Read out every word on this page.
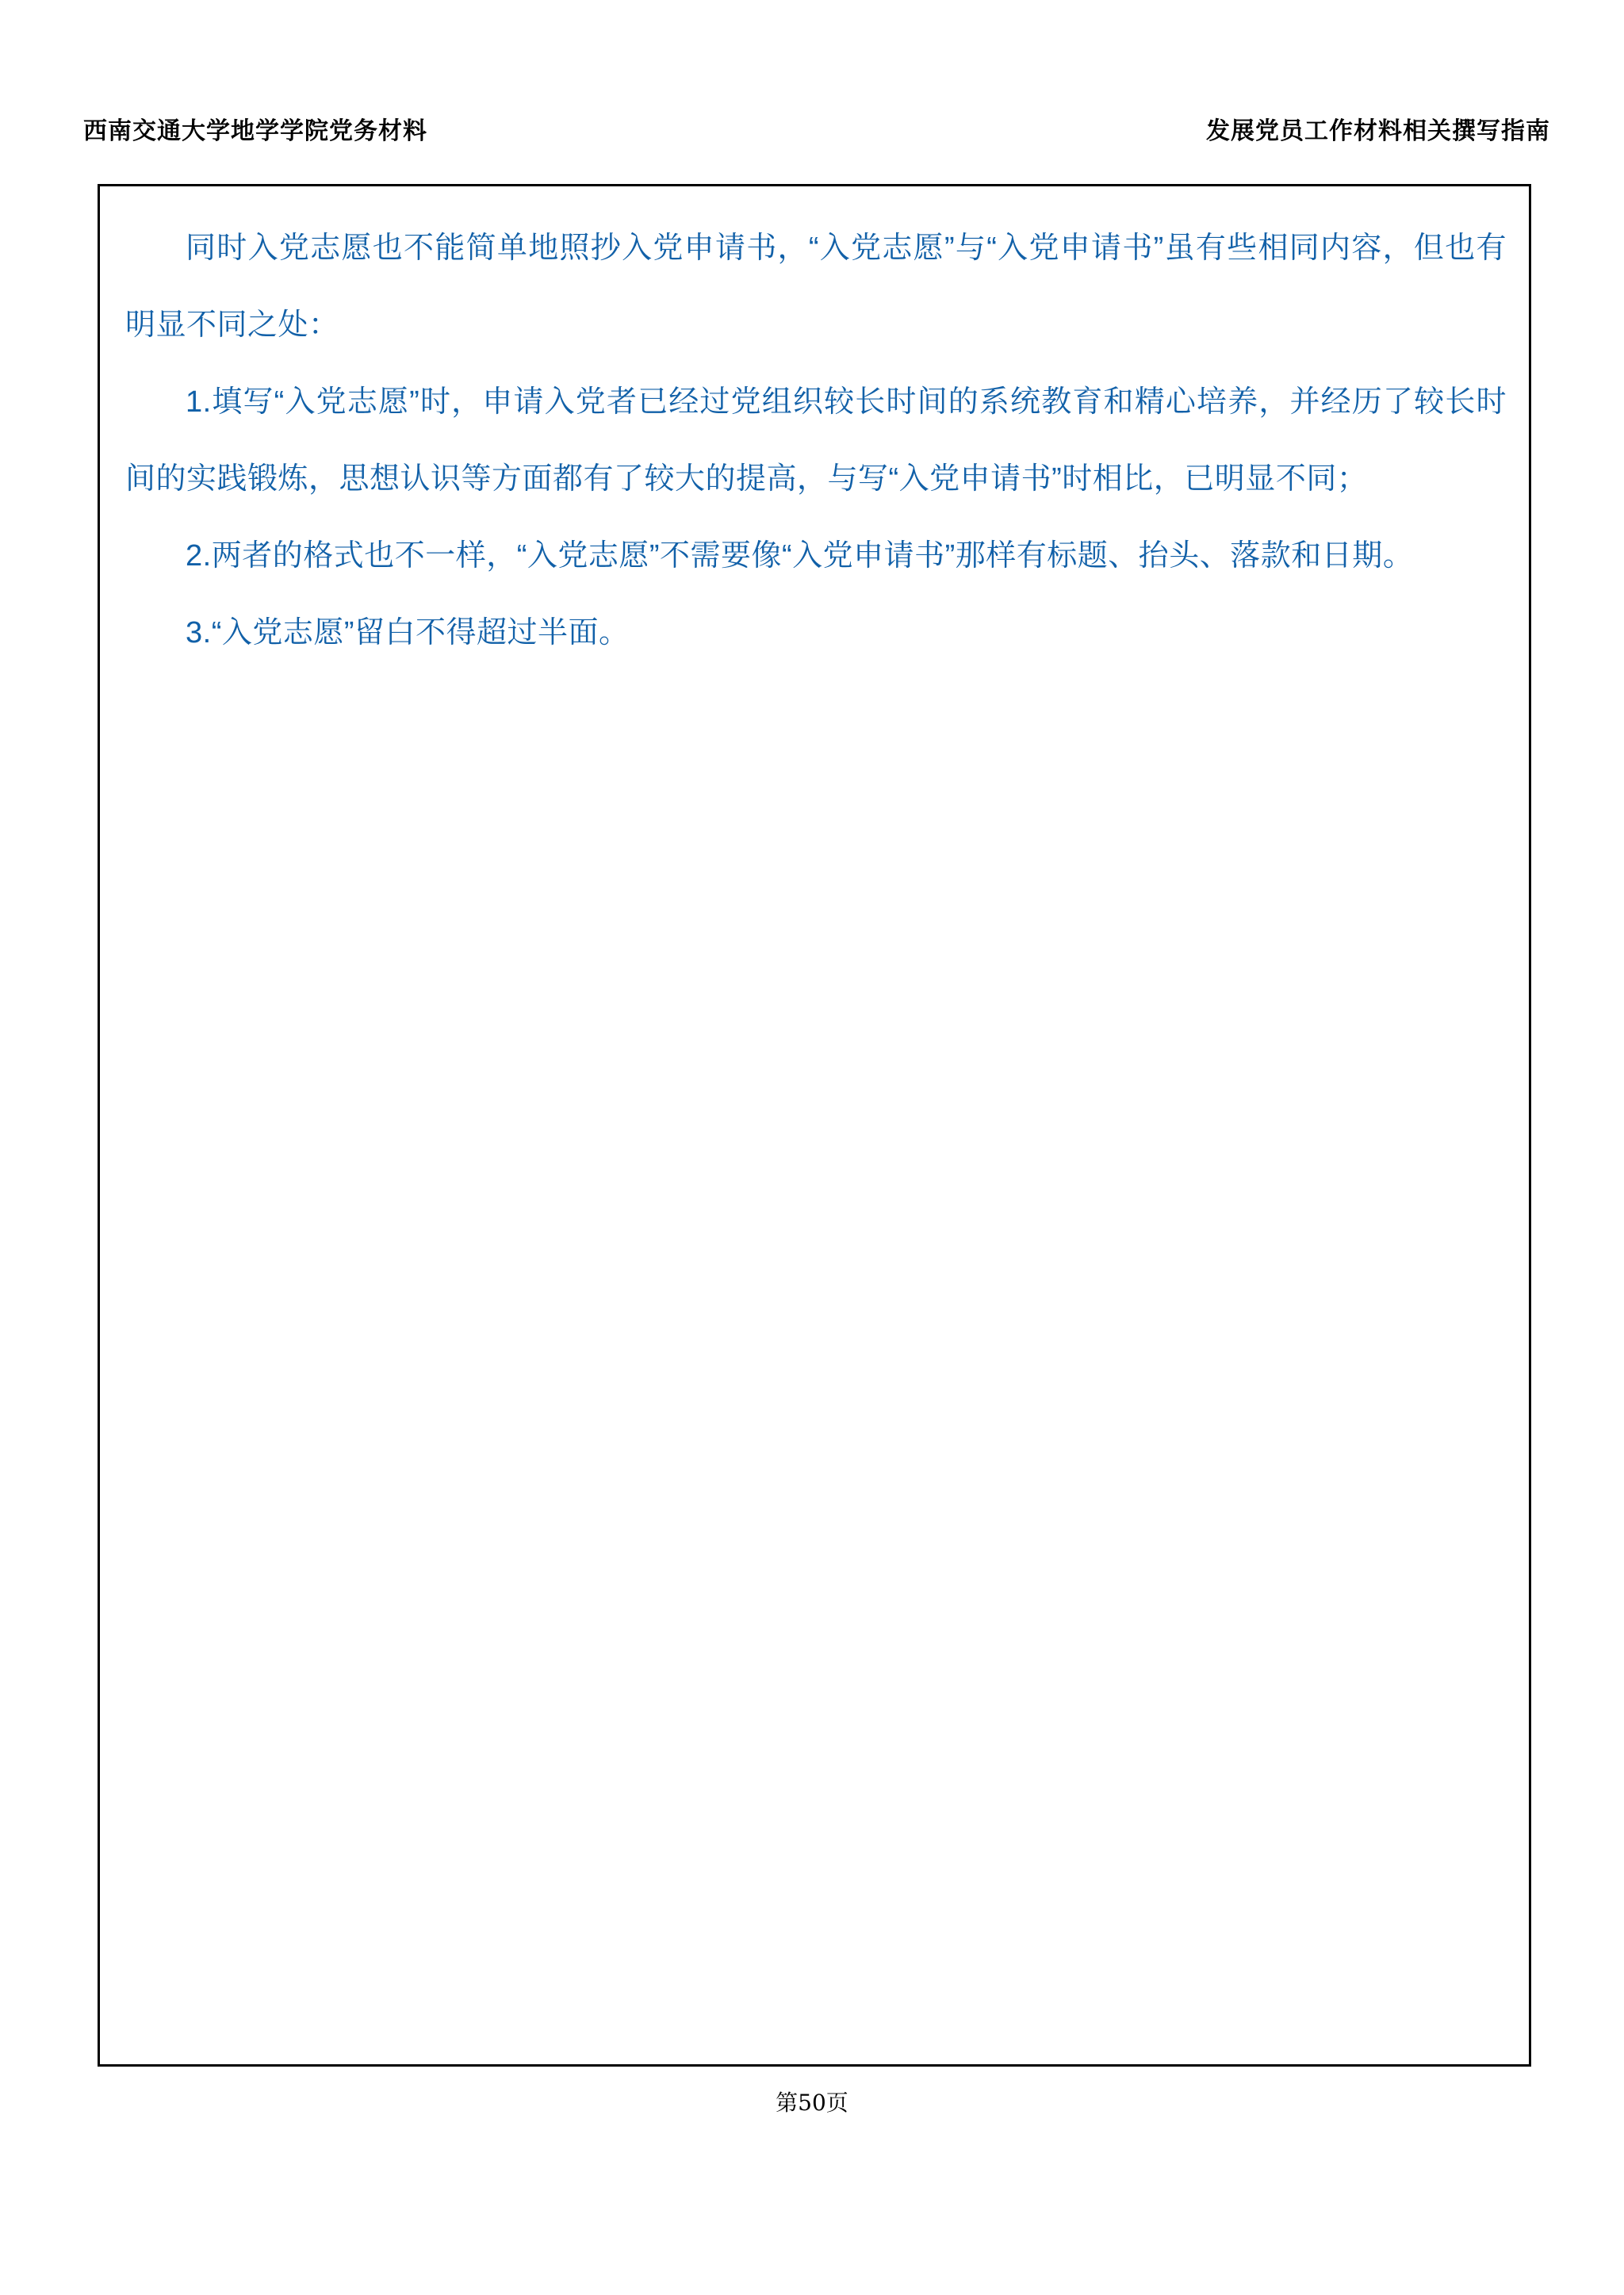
西南交通大学地学学院党务材料	发展党员工作材料相关撰写指南

同时入党志愿也不能简单地照抄入党申请书，“入党志愿”与“入党申请书”虽有些相同内容，但也有明显不同之处：

1.填写“入党志愿”时，申请入党者已经过党组织较长时间的系统教育和精心培养，并经历了较长时间的实践锻炼，思想认识等方面都有了较大的提高，与写“入党申请书”时相比，已明显不同；

2.两者的格式也不一样，“入党志愿”不需要像“入党申请书”那样有标题、抬头、落款和日期。

3.“入党志愿”留白不得超过半面。

第50页
